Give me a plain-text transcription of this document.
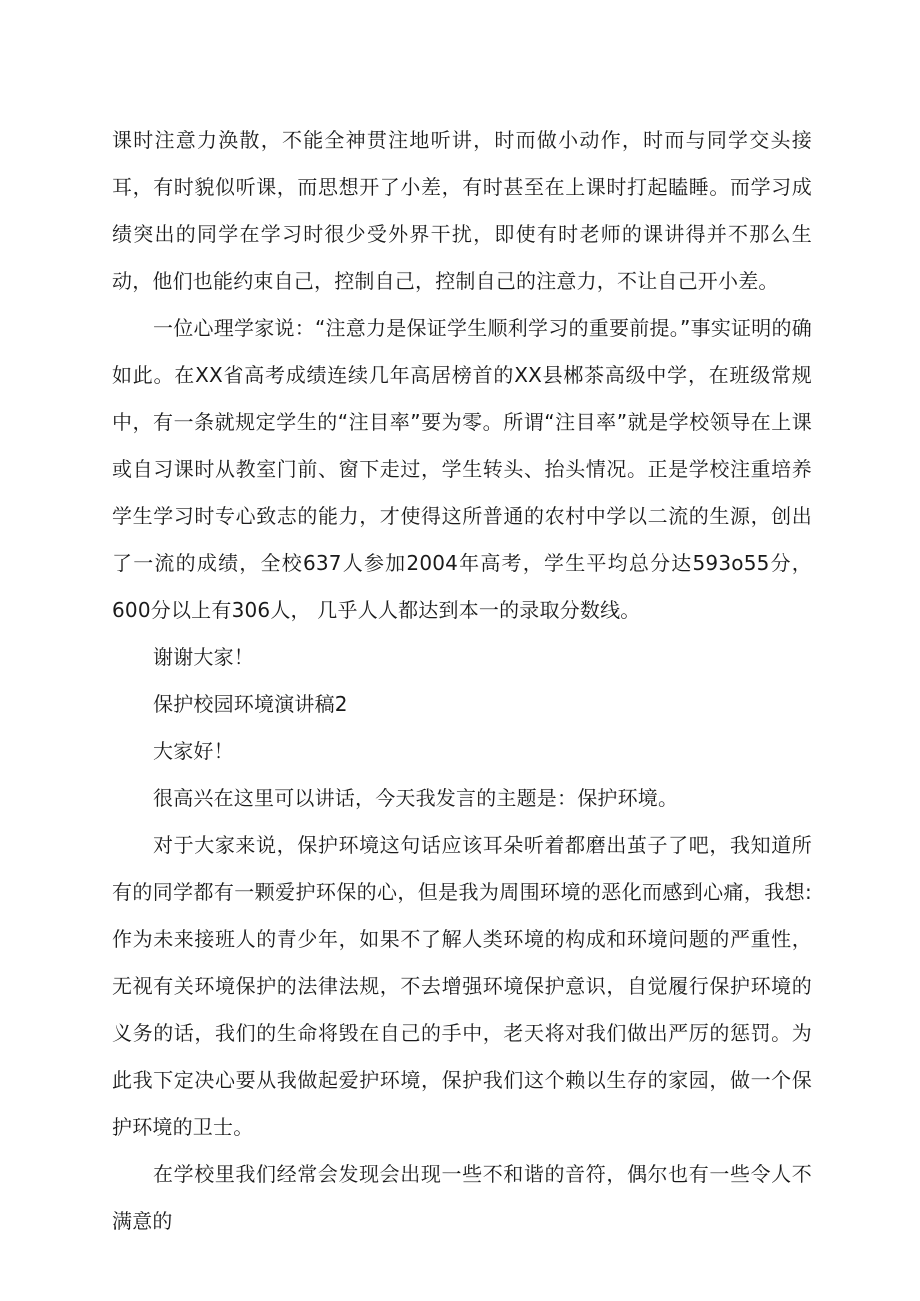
课时注意力涣散，不能全神贯注地听讲，时而做小动作，时而与同学交头接耳，有时貌似听课，而思想开了小差，有时甚至在上课时打起瞌睡。而学习成绩突出的同学在学习时很少受外界干扰，即使有时老师的课讲得并不那么生动，他们也能约束自己，控制自己，控制自己的注意力，不让自己开小差。

一位心理学家说：“注意力是保证学生顺利学习的重要前提。”事实证明的确如此。在XX省高考成绩连续几年高居榜首的XX县郴茶高级中学，在班级常规中，有一条就规定学生的“注目率”要为零。所谓“注目率”就是学校领导在上课或自习课时从教室门前、窗下走过，学生转头、抬头情况。正是学校注重培养学生学习时专心致志的能力，才使得这所普通的农村中学以二流的生源，创出了一流的成绩，全校637人参加2004年高考，学生平均总分达593o55分，600分以上有306人， 几乎人人都达到本一的录取分数线。

谢谢大家！

保护校园环境演讲稿2

大家好！

很高兴在这里可以讲话，今天我发言的主题是：保护环境。

对于大家来说，保护环境这句话应该耳朵听着都磨出茧子了吧，我知道所有的同学都有一颗爱护环保的心，但是我为周围环境的恶化而感到心痛，我想: 作为未来接班人的青少年，如果不了解人类环境的构成和环境问题的严重性，无视有关环境保护的法律法规，不去增强环境保护意识，自觉履行保护环境的义务的话，我们的生命将毁在自己的手中，老天将对我们做出严厉的惩罚。为此我下定决心要从我做起爱护环境，保护我们这个赖以生存的家园，做一个保护环境的卫士。

在学校里我们经常会发现会出现一些不和谐的音符，偶尔也有一些令人不满意的
